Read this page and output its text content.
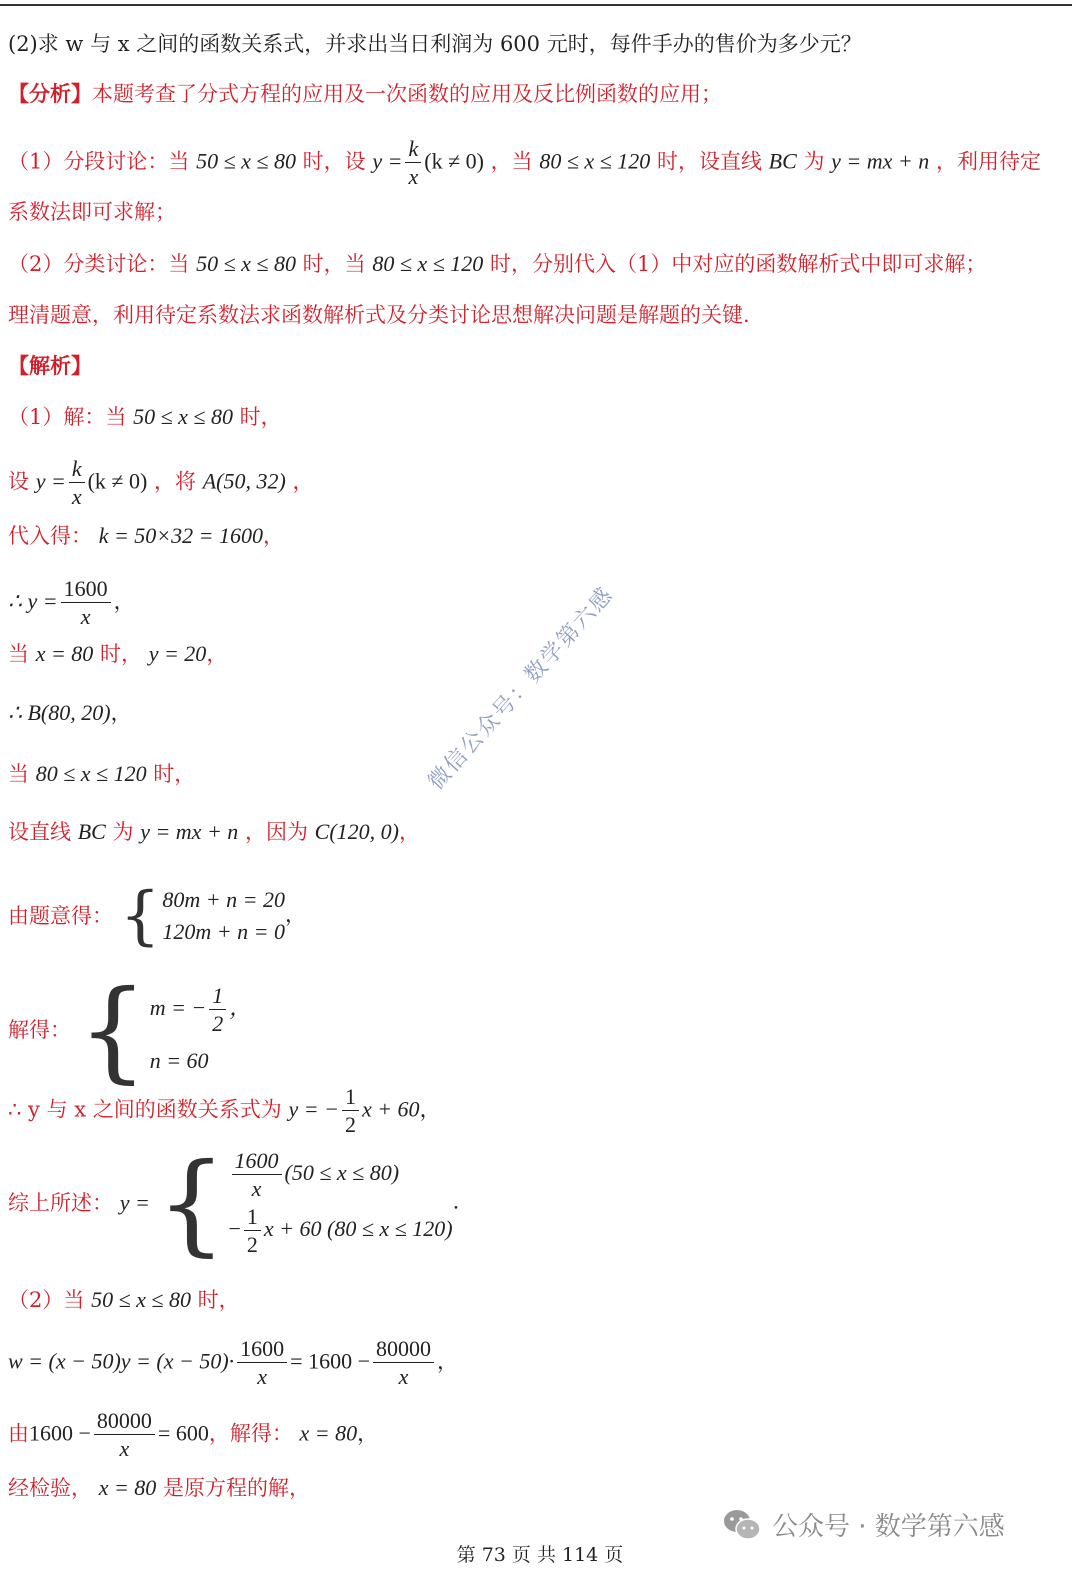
(2)求 w 与 x 之间的函数关系式，并求出当日利润为 600 元时，每件手办的售价为多少元？
【分析】本题考查了分式方程的应用及一次函数的应用及反比例函数的应用；
（1）分段讨论：当 50 ≤ x ≤ 80 时，设 $y = \frac{k}{x} (k \ne 0)$ ，当 80 ≤ x ≤ 120 时，设直线 BC 为 y = mx + n ，利用待定
系数法即可求解；
（2）分类讨论：当 50 ≤ x ≤ 80 时，当 80 ≤ x ≤ 120 时，分别代入（1）中对应的函数解析式中即可求解；
理清题意，利用待定系数法求函数解析式及分类讨论思想解决问题是解题的关键.
【解析】
（1）解：当 50 ≤ x ≤ 80 时，
设 $y = \frac{k}{x} (k \ne 0)$ ，将 A(50, 32) ，
代入得： k = 50×32 = 1600，
∴ $y = \frac{1600}{x}$ ，
当 x = 80 时， y = 20，
∴ B(80, 20)，
当 80 ≤ x ≤ 120 时，
设直线 BC 为 y = mx + n ，因为 C(120, 0)，
由题意得： { 80m + n = 20
120m + n = 0
，
解得： { m = − $\frac{1}{2}$ ，
n = 60
∴ y 与 x 之间的函数关系式为 y = − $\frac{1}{2}$ x + 60，
综上所述： y = { $\frac{1600}{x} (50 \le x \le 80)$
− $\frac{1}{2}$ x + 60 (80 ≤ x ≤ 120)
.
（2）当 50 ≤ x ≤ 80 时，
$w = (x - 50)y = (x - 50)\cdot \frac{1600}{x} = 1600 - \frac{80000}{x}$ ，
由$1600 - \frac{80000}{x} = 600$，解得： x = 80，
经检验， x = 80 是原方程的解，
微信公众号：数学第六感
公众号 · 数学第六感
第 73 页 共 114 页
